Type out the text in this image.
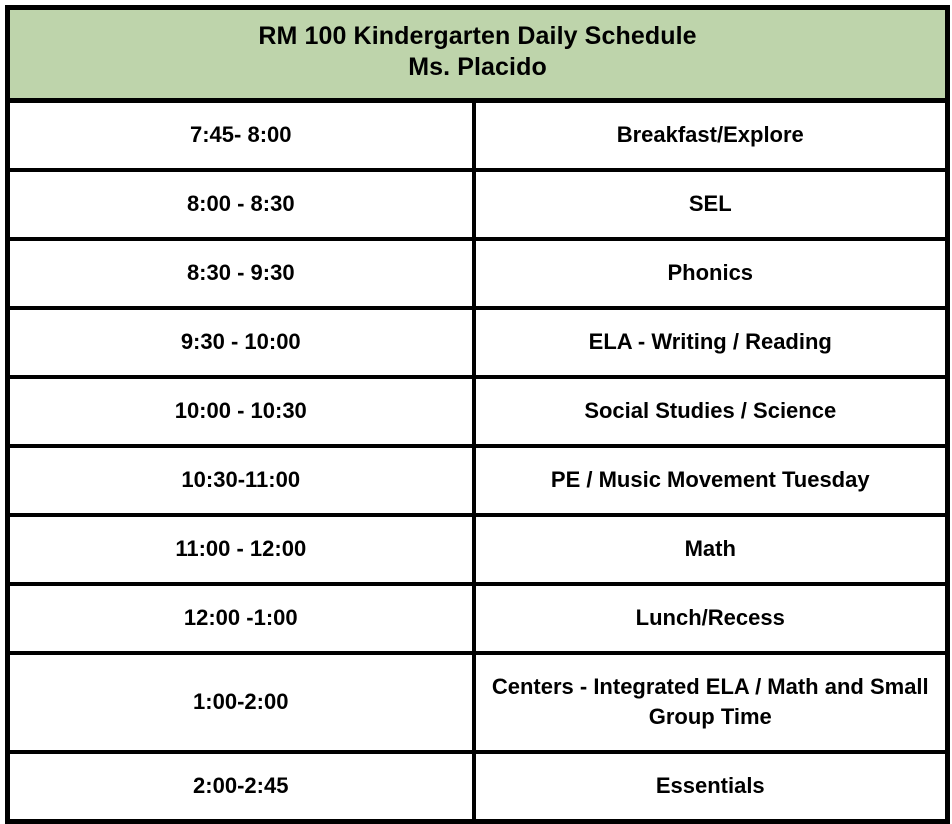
RM 100 Kindergarten Daily Schedule
Ms. Placido	

7:45- 8:00	Breakfast/Explore
8:00 - 8:30	SEL
8:30 - 9:30	Phonics
9:30 - 10:00	ELA - Writing / Reading
10:00 - 10:30	Social Studies / Science
10:30-11:00	PE / Music Movement Tuesday
11:00 - 12:00	Math
12:00 -1:00	Lunch/Recess
1:00-2:00	Centers - Integrated ELA / Math and Small Group Time
2:00-2:45	Essentials
